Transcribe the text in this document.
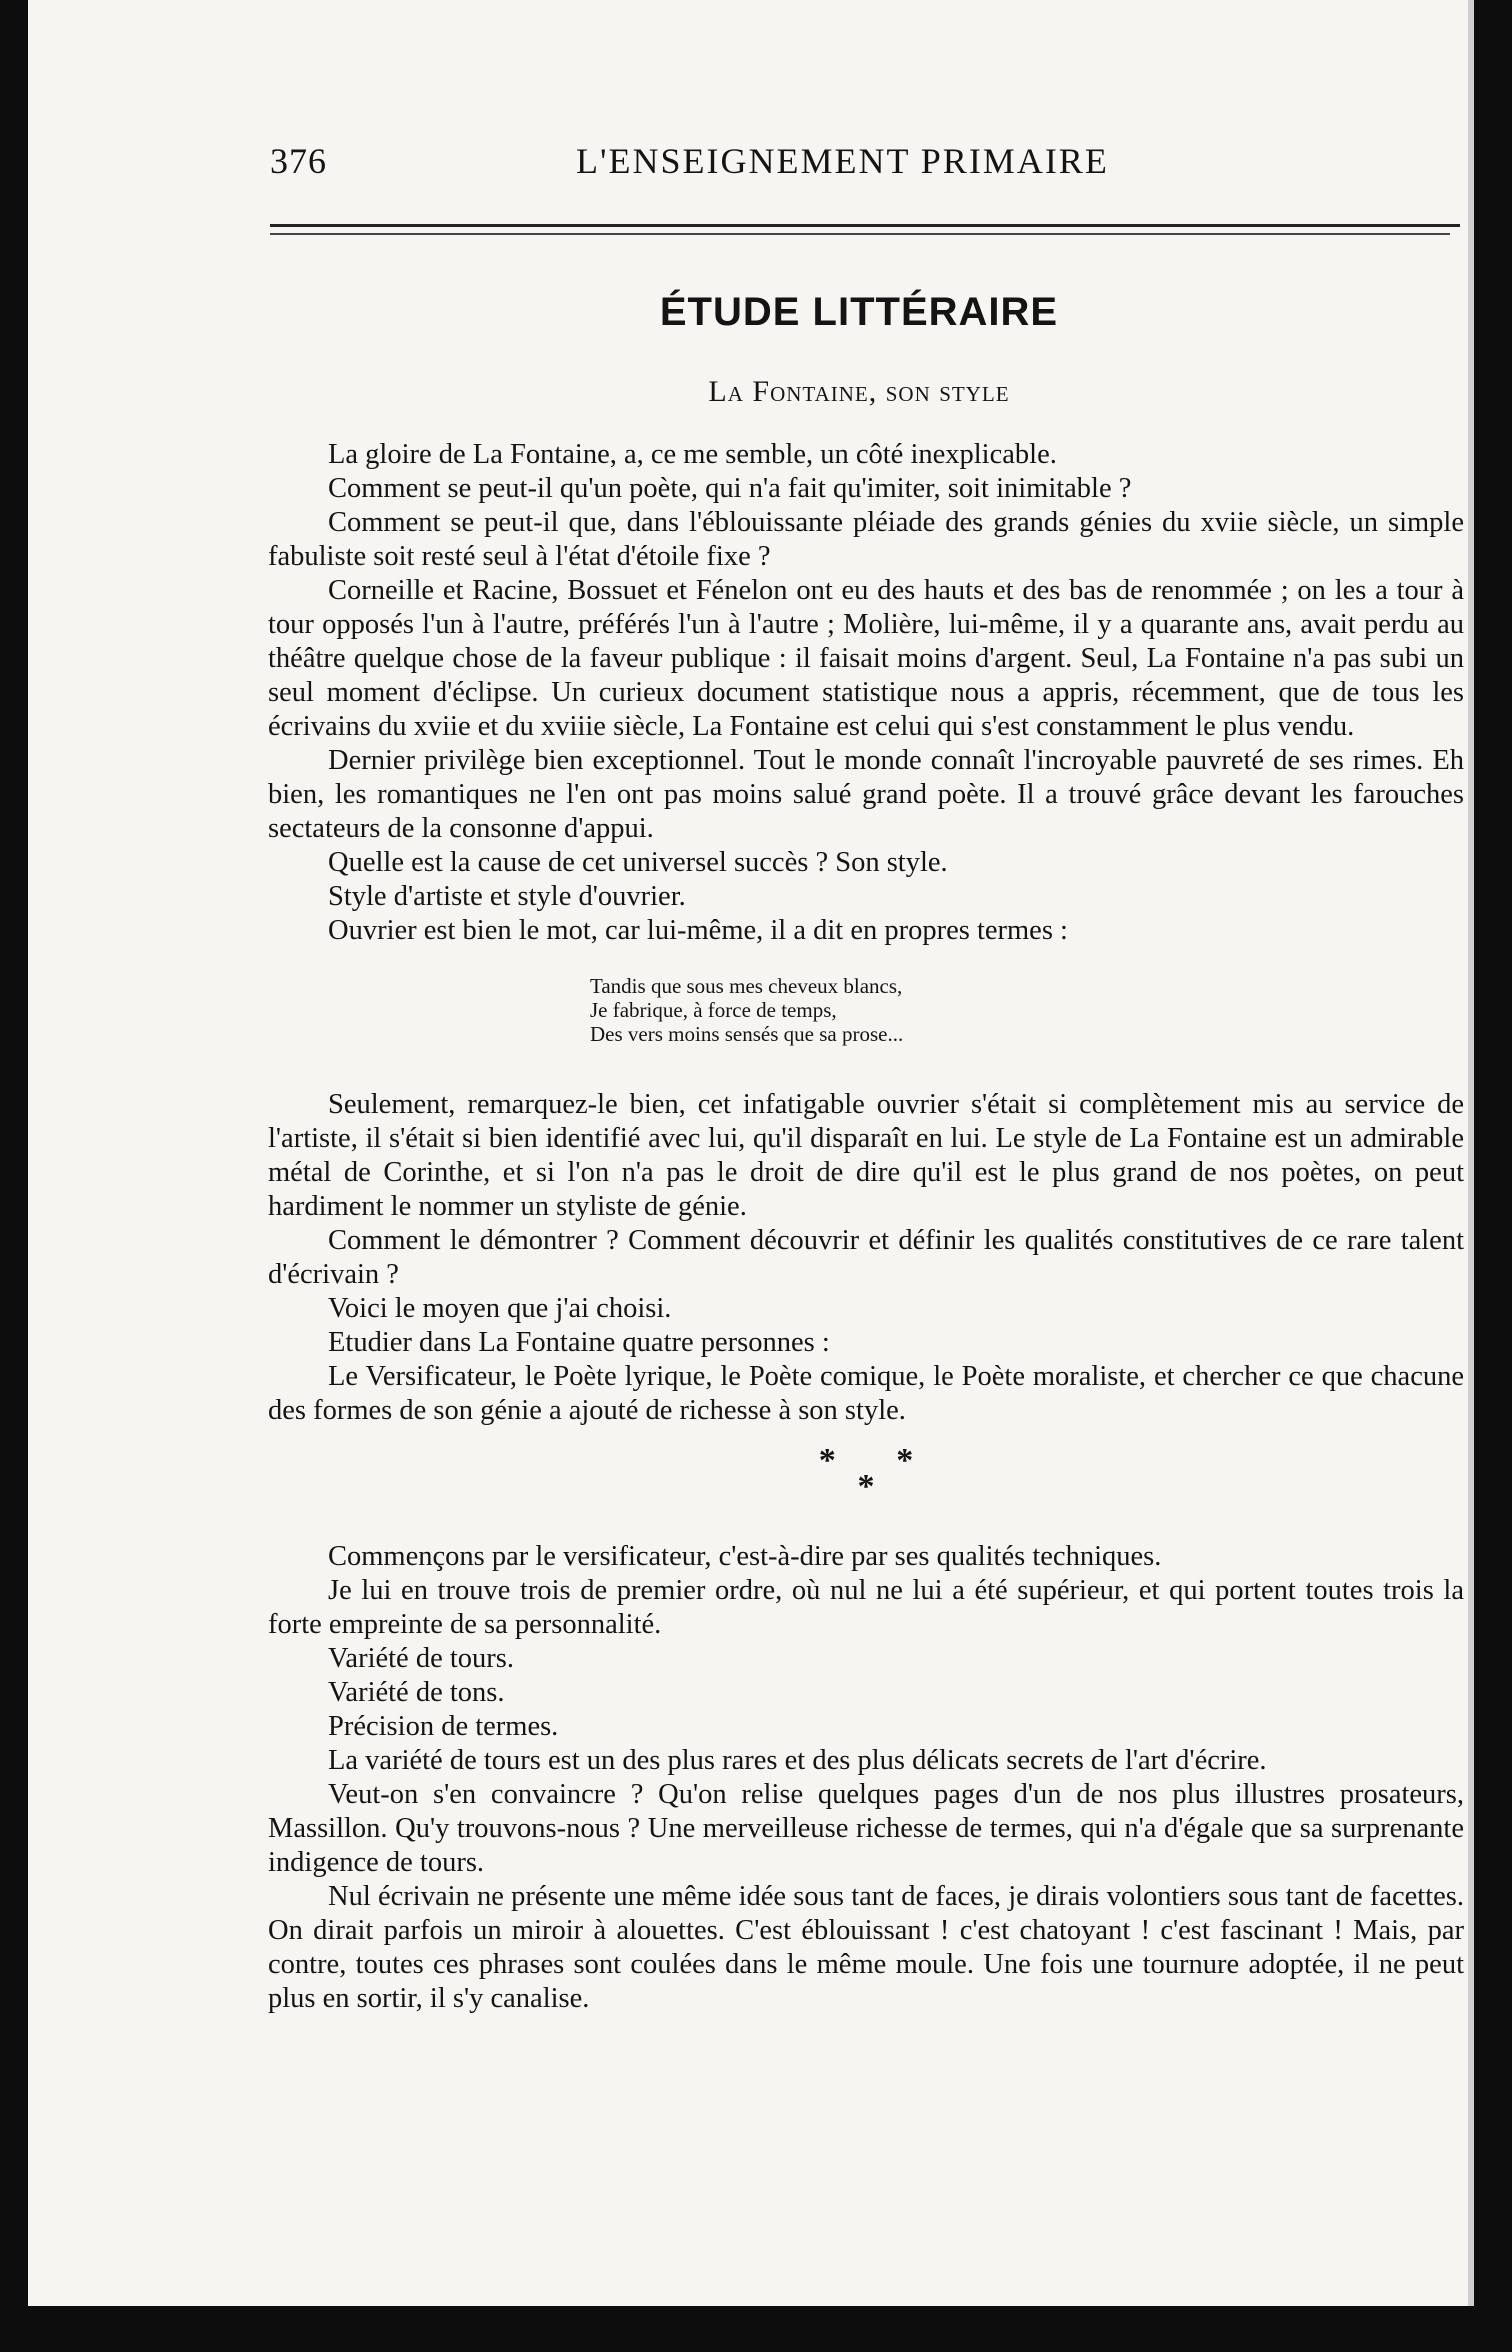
376	L'ENSEIGNEMENT PRIMAIRE
ÉTUDE LITTÉRAIRE
La Fontaine, son style

La gloire de La Fontaine, a, ce me semble, un côté inexplicable.

Comment se peut-il qu'un poète, qui n'a fait qu'imiter, soit inimitable ?

Comment se peut-il que, dans l'éblouissante pléiade des grands génies du xviie siècle, un simple fabuliste soit resté seul à l'état d'étoile fixe ?

Corneille et Racine, Bossuet et Fénelon ont eu des hauts et des bas de renommée ; on les a tour à tour opposés l'un à l'autre, préférés l'un à l'autre ; Molière, lui-même, il y a quarante ans, avait perdu au théâtre quelque chose de la faveur publique : il faisait moins d'argent. Seul, La Fontaine n'a pas subi un seul moment d'éclipse. Un curieux document statistique nous a appris, récemment, que de tous les écrivains du xviie et du xviiie siècle, La Fontaine est celui qui s'est constamment le plus vendu.

Dernier privilège bien exceptionnel. Tout le monde connaît l'incroyable pauvreté de ses rimes. Eh bien, les romantiques ne l'en ont pas moins salué grand poète. Il a trouvé grâce devant les farouches sectateurs de la consonne d'appui.

Quelle est la cause de cet universel succès ? Son style.

Style d'artiste et style d'ouvrier.

Ouvrier est bien le mot, car lui-même, il a dit en propres termes :

Tandis que sous mes cheveux blancs,
Je fabrique, à force de temps,
Des vers moins sensés que sa prose...

Seulement, remarquez-le bien, cet infatigable ouvrier s'était si complètement mis au service de l'artiste, il s'était si bien identifié avec lui, qu'il disparaît en lui. Le style de La Fontaine est un admirable métal de Corinthe, et si l'on n'a pas le droit de dire qu'il est le plus grand de nos poètes, on peut hardiment le nommer un styliste de génie.

Comment le démontrer ? Comment découvrir et définir les qualités constitutives de ce rare talent d'écrivain ?

Voici le moyen que j'ai choisi.

Etudier dans La Fontaine quatre personnes :

Le Versificateur, le Poète lyrique, le Poète comique, le Poète moraliste, et chercher ce que chacune des formes de son génie a ajouté de richesse à son style.

* *
*

Commençons par le versificateur, c'est-à-dire par ses qualités techniques.

Je lui en trouve trois de premier ordre, où nul ne lui a été supérieur, et qui portent toutes trois la forte empreinte de sa personnalité.

Variété de tours.

Variété de tons.

Précision de termes.

La variété de tours est un des plus rares et des plus délicats secrets de l'art d'écrire.

Veut-on s'en convaincre ? Qu'on relise quelques pages d'un de nos plus illustres prosateurs, Massillon. Qu'y trouvons-nous ? Une merveilleuse richesse de termes, qui n'a d'égale que sa surprenante indigence de tours.

Nul écrivain ne présente une même idée sous tant de faces, je dirais volontiers sous tant de facettes. On dirait parfois un miroir à alouettes. C'est éblouissant ! c'est chatoyant ! c'est fascinant ! Mais, par contre, toutes ces phrases sont coulées dans le même moule. Une fois une tournure adoptée, il ne peut plus en sortir, il s'y canalise.
